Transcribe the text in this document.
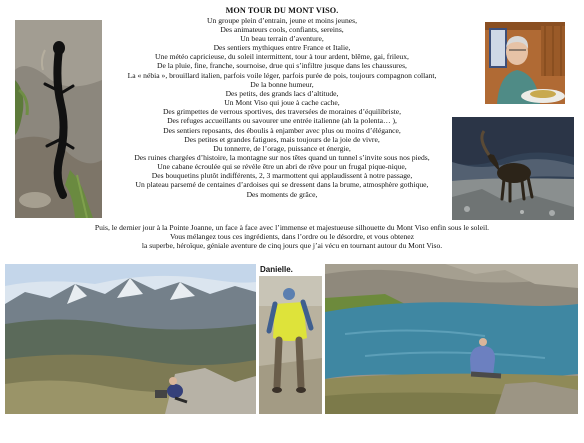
MON TOUR DU MONT VISO.
Un groupe plein d’entrain, jeune et moins jeunes,
Des animateurs cools, confiants, sereins,
Un beau terrain d’aventure,
Des sentiers mythiques entre France et Italie,
Une météo capricieuse, du soleil intermittent, tour à tour ardent, blême, gai, frileux,
De la pluie, fine, franche, sournoise, drue qui s’infiltre jusque dans les chaussures,
La « nébia », brouillard italien, parfois voile léger, parfois purée de pois, toujours compagnon collant,
De la bonne humeur,
Des petits, des grands lacs d’altitude,
Un Mont Viso qui joue à cache cache,
Des grimpettes de verrous sportives, des traversées de moraines d’équilibriste,
Des refuges accueillants ou savourer une entrée italienne (ah la polenta… ),
Des sentiers reposants, des éboulis à enjamber avec plus ou moins d’élégance,
Des petites et grandes fatigues, mais toujours de la joie de vivre,
Du tonnerre, de l’orage, puissance et énergie,
Des ruines chargées d’histoire, la montagne sur nos têtes quand un tunnel s’invite sous nos pieds,
Une cabane écroulée qui se révèle être un abri de rêve pour un frugal pique-nique,
Des bouquetins plutôt indifférents, 2, 3 marmottent qui applaudissent à notre passage,
Un plateau parsemé de centaines d’ardoises qui se dressent dans la brume, atmosphère gothique,
Des moments de grâce,
Puis, le dernier jour à la Pointe Joanne, un face à face avec l’immense et majestueuse silhouette du Mont Viso enfin sous le soleil.
Vous mélangez tous ces ingrédients, dans l’ordre ou le désordre, et vous obtenez
la superbe, héroïque, géniale aventure de cinq jours que j’ai vécu en tournant autour du Mont Viso.
Danielle.
